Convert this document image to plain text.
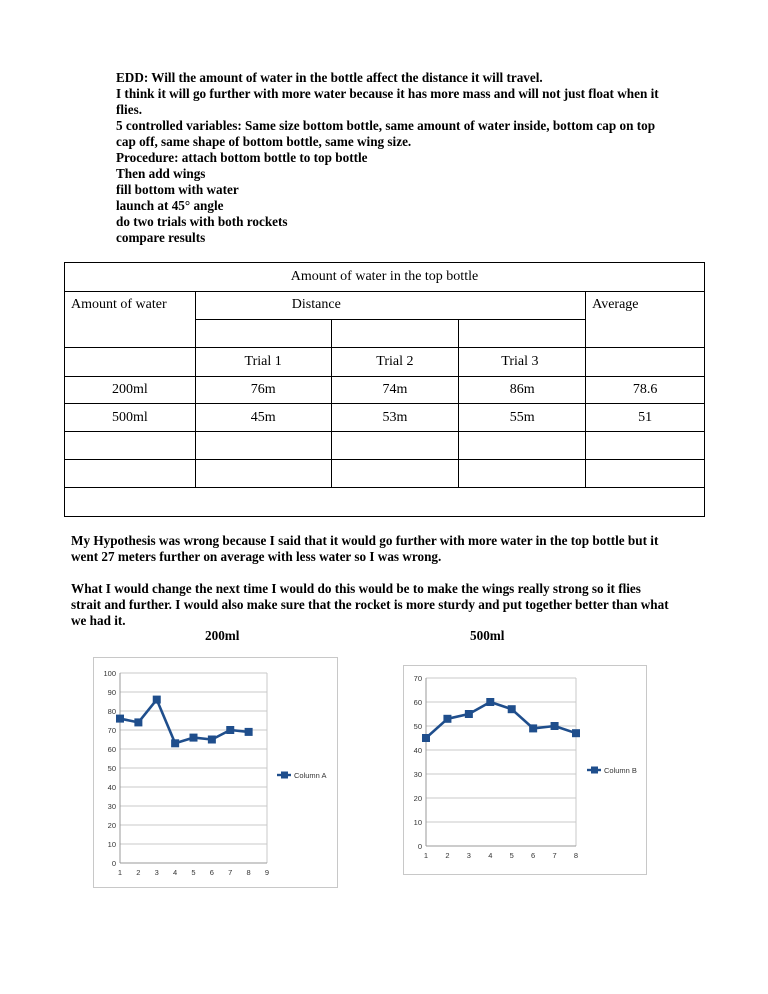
EDD: Will the amount of water in the bottle affect the distance it will travel.
I think it will go further with more water because it has more mass and will not just float when it
flies.
5 controlled variables: Same size bottom bottle, same amount of water inside, bottom cap on top
cap off, same shape of bottom bottle, same wing size.
Procedure: attach bottom bottle to top bottle
Then add wings
fill bottom with water
launch at 45° angle
do two trials with both rockets
compare results
Amount of water in the top bottle				
Amount of water	Distance			Average

	Trial 1	Trial 2	Trial 3	
200ml	76m	74m	86m	78.6
500ml	45m	53m	55m	51

My Hypothesis was wrong because I said that it would go further with more water in the top bottle but it
went 27 meters further on average with less water so I was wrong.
What I would change the next time I would do this would be to make the wings really strong so it flies
strait and further. I would also make sure that the rocket is more sturdy and put together better than what
we had it.
200ml	500ml
0
10
20
30
40
50
60
70
80
90
100
1 2 3 4 5 6 7 8 9
Column A
0
10
20
30
40
50
60
70
1 2 3 4 5 6 7 8
Column B
